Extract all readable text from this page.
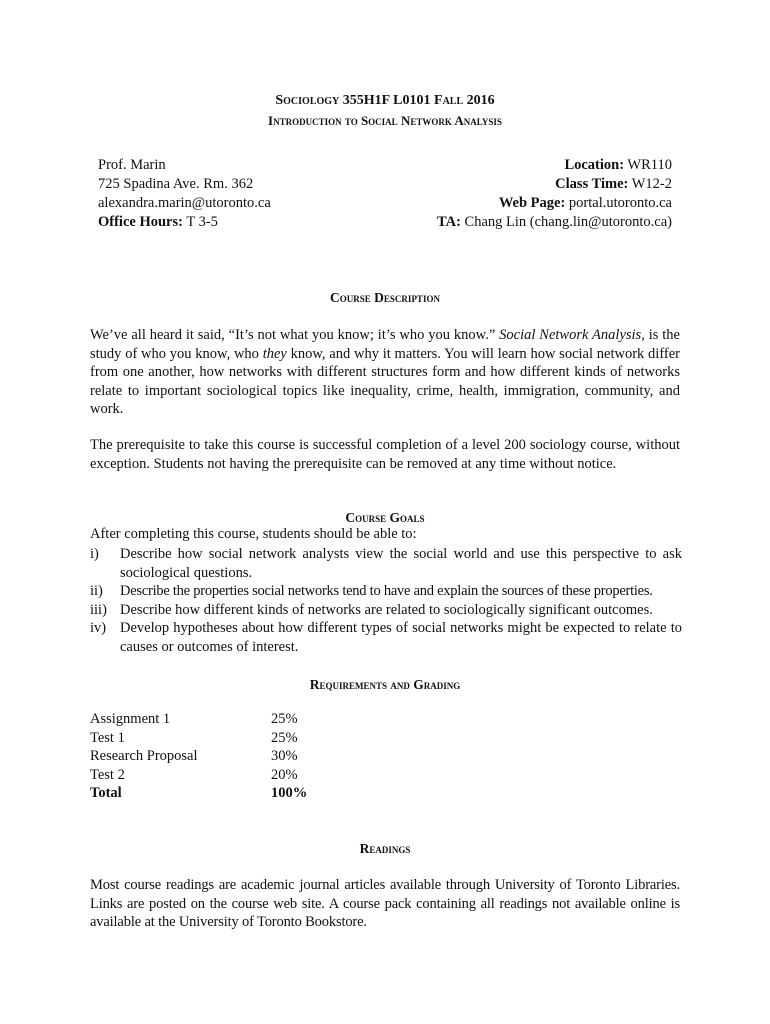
Sociology 355H1F L0101 Fall 2016
Introduction to Social Network Analysis
Prof. Marin
725 Spadina Ave. Rm. 362
alexandra.marin@utoronto.ca
Office Hours: T 3-5
Location: WR110
Class Time: W12-2
Web Page: portal.utoronto.ca
TA: Chang Lin (chang.lin@utoronto.ca)
Course Description
We’ve all heard it said, “It’s not what you know; it’s who you know.” Social Network Analysis, is the study of who you know, who they know, and why it matters. You will learn how social network differ from one another, how networks with different structures form and how different kinds of networks relate to important sociological topics like inequality, crime, health, immigration, community, and work.
The prerequisite to take this course is successful completion of a level 200 sociology course, without exception. Students not having the prerequisite can be removed at any time without notice.
Course Goals
After completing this course, students should be able to:
i)	Describe how social network analysts view the social world and use this perspective to ask sociological questions.
ii)	Describe the properties social networks tend to have and explain the sources of these properties.
iii) Describe how different kinds of networks are related to sociologically significant outcomes.
iv) Develop hypotheses about how different types of social networks might be expected to relate to causes or outcomes of interest.
Requirements and Grading
Assignment 1	25%
Test 1	25%
Research Proposal	30%
Test 2	20%
Total	100%
Readings
Most course readings are academic journal articles available through University of Toronto Libraries. Links are posted on the course web site. A course pack containing all readings not available online is available at the University of Toronto Bookstore.
